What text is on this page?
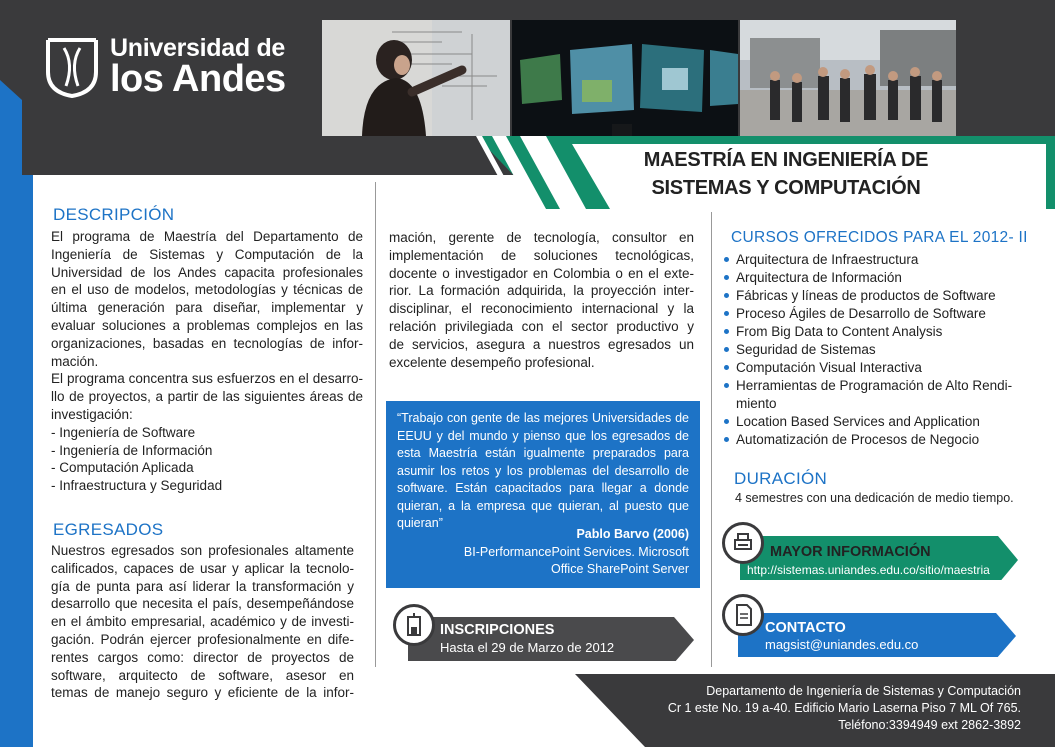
Universidad de
los Andes
MAESTRÍA EN INGENIERÍA DE
SISTEMAS Y COMPUTACIÓN
DESCRIPCIÓN
El programa de Maestría del Departamento de
Ingeniería de Sistemas y Computación de la
Universidad de los Andes capacita profesionales
en el uso de modelos, metodologías y técnicas de
última generación para diseñar, implementar y
evaluar soluciones a problemas complejos en las
organizaciones, basadas en tecnologías de infor-
mación.
El programa concentra sus esfuerzos en el desarro-
llo de proyectos, a partir de las siguientes áreas de
investigación:
- Ingeniería de Software
- Ingeniería de Información
- Computación Aplicada
- Infraestructura y Seguridad
EGRESADOS
Nuestros egresados son profesionales altamente
calificados, capaces de usar y aplicar la tecnolo-
gía de punta para así liderar la transformación y
desarrollo que necesita el país, desempeñándose
en el ámbito empresarial, académico y de investi-
gación. Podrán ejercer profesionalmente en dife-
rentes cargos como: director de proyectos de
software, arquitecto de software, asesor en
temas de manejo seguro y eficiente de la infor-
mación, gerente de tecnología, consultor en
implementación de soluciones tecnológicas,
docente o investigador en Colombia o en el exte-
rior. La formación adquirida, la proyección inter-
disciplinar, el reconocimiento internacional y la
relación privilegiada con el sector productivo y
de servicios, asegura a nuestros egresados un
excelente desempeño profesional.
“Trabajo con gente de las mejores Universidades de
EEUU y del mundo y pienso que los egresados de
esta Maestría están igualmente preparados para
asumir los retos y los problemas del desarrollo de
software. Están capacitados para llegar a donde
quieran, a la empresa que quieran, al puesto que
quieran”
Pablo Barvo (2006)
BI-PerformancePoint Services. Microsoft
Office SharePoint Server
INSCRIPCIONES
Hasta el 29 de Marzo de 2012
CURSOS OFRECIDOS PARA EL 2012- II
Arquitectura de Infraestructura
Arquitectura de Información
Fábricas y líneas de productos de Software
Proceso Ágiles de Desarrollo de Software
From Big Data to Content Analysis
Seguridad de Sistemas
Computación Visual Interactiva
Herramientas de Programación de Alto Rendi-
miento
Location Based Services and Application
Automatización de Procesos de Negocio
DURACIÓN
4 semestres con una dedicación de medio tiempo.
MAYOR INFORMACIÓN
http://sistemas.uniandes.edu.co/sitio/maestria
CONTACTO
magsist@uniandes.edu.co
Departamento de Ingeniería de Sistemas y Computación
Cr 1 este No. 19 a-40. Edificio Mario Laserna Piso 7 ML Of 765.
Teléfono:3394949 ext 2862-3892
